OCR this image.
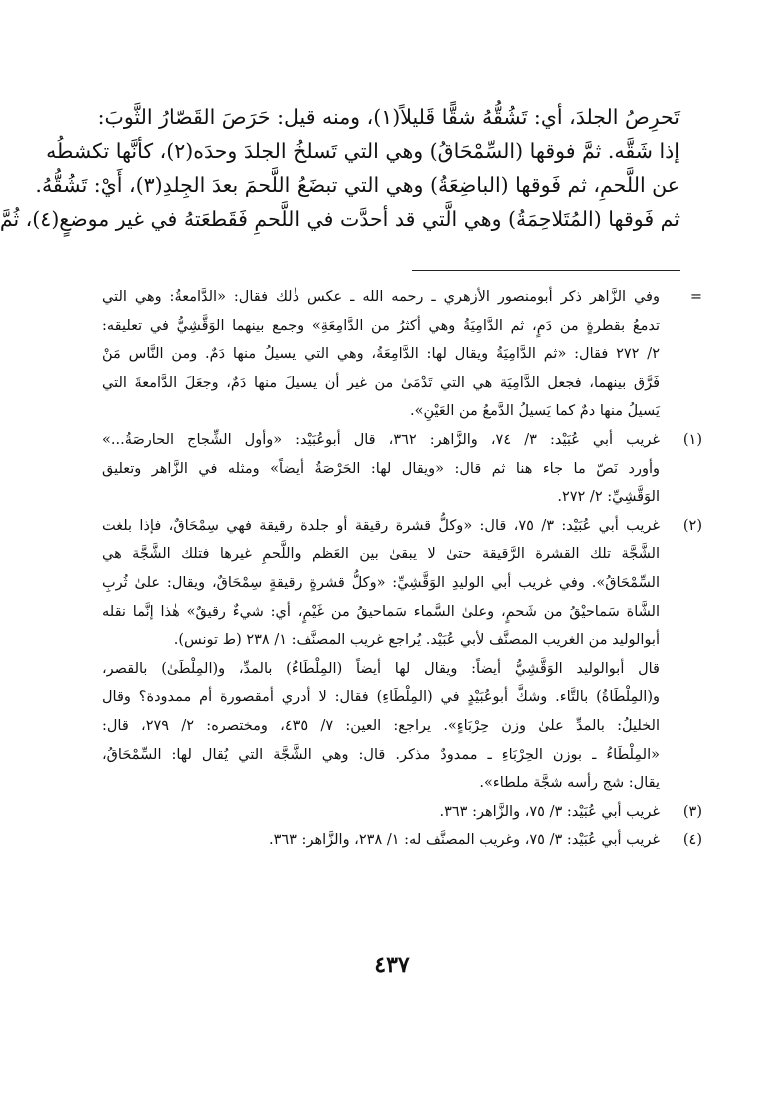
تَحرِصُ الجلدَ، أي: تَشُقُّهُ شقًّا قَليلاً(١)، ومنه قيل: حَرَصَ القَصّارُ الثَّوبَ:
إذا شَقَّه. ثمَّ فوقها (السِّمْحَاقُ) وهي التي تَسلخُ الجلدَ وحدَه(٢)، كأنَّها تكشطُه
عن اللَّحمِ، ثم فَوقها (الباضِعَةُ) وهي التي تبضَعُ اللَّحمَ بعدَ الجِلدِ(٣)، أَيْ: تَشُقُّهُ.
ثم فَوقها (المُتَلاحِمَةُ) وهي الَّتي قد أحدَّت في اللَّحمِ فَقَطعَتهُ في غير موضعٍ(٤)، ثُمَّ
=
وفي الزَّاهر ذكر أبومنصور الأزهري ـ رحمه الله ـ عكس ذٰلك فقال: «الدَّامعةُ: وهي التي
تدمعُ بقطرةٍ من دَمٍ، ثم الدَّامِيَةُ وهي أكثرُ من الدَّامِعَةِ» وجمع بينهما الوَقَّشِيُّ في تعليقه:
٢/ ٢٧٢ فقال: «ثم الدَّامِيَةُ ويقال لها: الدَّامِعَةُ، وهي التي يسيلُ منها دَمٌ. ومن النَّاس مَنْ
فَرَّق بينهما، فجعل الدَّامِيَة هي التي تَدْمَىٰ من غير أن يسيلَ منها دَمٌ، وجعَلَ الدَّامعةَ التي
يَسيلُ منها دمٌ كما يَسيلُ الدَّمعُ من العَيْنِ».
(١)
غريب أبي عُبَيْد: ٣/ ٧٤، والزَّاهر: ٣٦٢، قال أبوعُبَيْد: «وأول الشِّجاج الحارصَةُ...»
وأورد نَصّ ما جاء هنا ثم قال: «ويقال لها: الحَرْصَةُ أيضاً» ومثله في الزَّاهر وتعليق
الوَقَّشِيِّ: ٢/ ٢٧٢.
(٢)
غريب أبي عُبَيْد: ٣/ ٧٥، قال: «وكلُّ قشرة رقيقة أو جلدة رقيقة فهي سِمْحَاقٌ، فإذا بلغت
الشَّجَّة تلك القشرة الرَّقيقة حتىٰ لا يبقىٰ بين العَظم واللَّحمِ غيرها فتلك الشَّجَّة هي
السِّمْحَاقُ». وفي غريب أبي الوليدِ الوَقَّشِيِّ: «وكلُّ قشرةٍ رقيقةٍ سِمْحَاقٌ، ويقال: علىٰ ثُربِ
الشَّاة سَماحيْقُ من شَحمٍ، وعلىٰ السَّماء سَماحيقُ من غَيْمٍ، أي: شيءٌ رقيقٌ» هٰذا إنَّما نقله
أبوالوليد من الغريب المصنَّف لأبي عُبَيْد. يُراجع غريب المصنَّف: ١/ ٢٣٨ (ط تونس).
قال أبوالوليد الوَقَّشِيُّ أيضاً: ويقال لها أيضاً (المِلْطَاءُ) بالمدِّ، و(المِلْطَىٰ) بالقصر،
و(المِلْطَاةُ) بالتَّاء. وشكَّ أبوعُبَيْدٍ في (المِلْطَاءِ) فقال: لا أدري أمقصورة أم ممدودة؟ وقال
الخليلُ: بالمدِّ علىٰ وزن حِرْبَاءٍ». يراجع: العين: ٧/ ٤٣٥، ومختصره: ٢/ ٢٧٩، قال:
«المِلْطَاءُ ـ بوزن الحِرْبَاءِ ـ ممدودٌ مذكر. قال: وهي الشَّجَّة التي يُقال لها: السِّمْحَاقُ،
يقال: شج رأسه شجَّة ملطاء».
(٣)
غريب أبي عُبَيْد: ٣/ ٧٥، والزَّاهر: ٣٦٣.
(٤)
غريب أبي عُبَيْد: ٣/ ٧٥، وغريب المصنَّف له: ١/ ٢٣٨، والزَّاهر: ٣٦٣.
٤٣٧
